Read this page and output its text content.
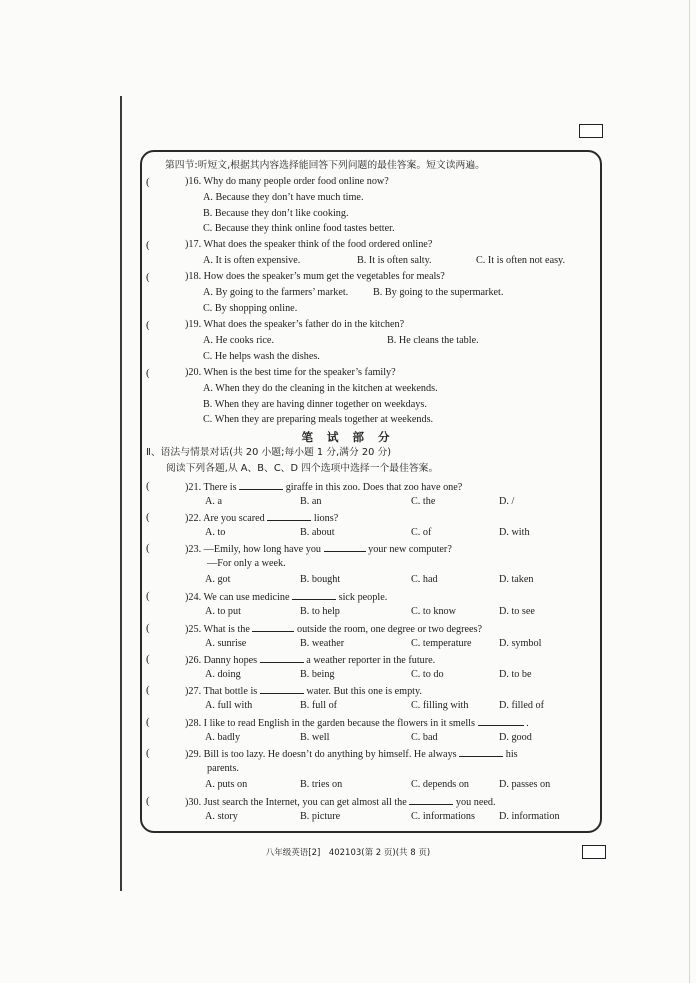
第四节:听短文,根据其内容选择能回答下列问题的最佳答案。短文读两遍。
(	)16. Why do many people order food online now?
A. Because they don’t have much time.
B. Because they don’t like cooking.
C. Because they think online food tastes better.
(	)17. What does the speaker think of the food ordered online?
A. It is often expensive.	B. It is often salty.	C. It is often not easy.
(	)18. How does the speaker’s mum get the vegetables for meals?
A. By going to the farmers’ market. B. By going to the supermarket.
C. By shopping online.
(	)19. What does the speaker’s father do in the kitchen?
A. He cooks rice.	B. He cleans the table.
C. He helps wash the dishes.
(	)20. When is the best time for the speaker’s family?
A. When they do the cleaning in the kitchen at weekends.
B. When they are having dinner together on weekdays.
C. When they are preparing meals together at weekends.
Ⅱ、语法与情景对话(共 20 小题;每小题 1 分,满分 20 分)
阅读下列各题,从 A、B、C、D 四个选项中选择一个最佳答案。
(	)21. There is	giraffe in this zoo. Does that zoo have one?
A. a	B. an	C. the	D. /
(	)22. Are you scared	lions?
A. to	B. about	C. of	D. with
(	)23. —Emily, how long have you	your new computer?
—For only a week.
A. got	B. bought	C. had	D. taken
(	)24. We can use medicine	sick people.
A. to put	B. to help	C. to know	D. to see
(	)25. What is the	outside the room, one degree or two degrees?
A. sunrise	B. weather	C. temperature	D. symbol
(	)26. Danny hopes	a weather reporter in the future.
A. doing	B. being	C. to do	D. to be
(	)27. That bottle is	water. But this one is empty.
A. full with	B. full of	C. filling with	D. filled of
(	)28. I like to read English in the garden because the flowers in it smells	.
A. badly	B. well	C. bad	D. good
(	)29. Bill is too lazy. He doesn’t do anything by himself. He always	his
parents.
A. puts on	B. tries on	C. depends on	D. passes on
(	)30. Just search the Internet, you can get almost all the	you need.
A. story	B. picture	C. informations D. information
笔 试 部 分
八年级英语[2]　402103(第 2 页)(共 8 页)
